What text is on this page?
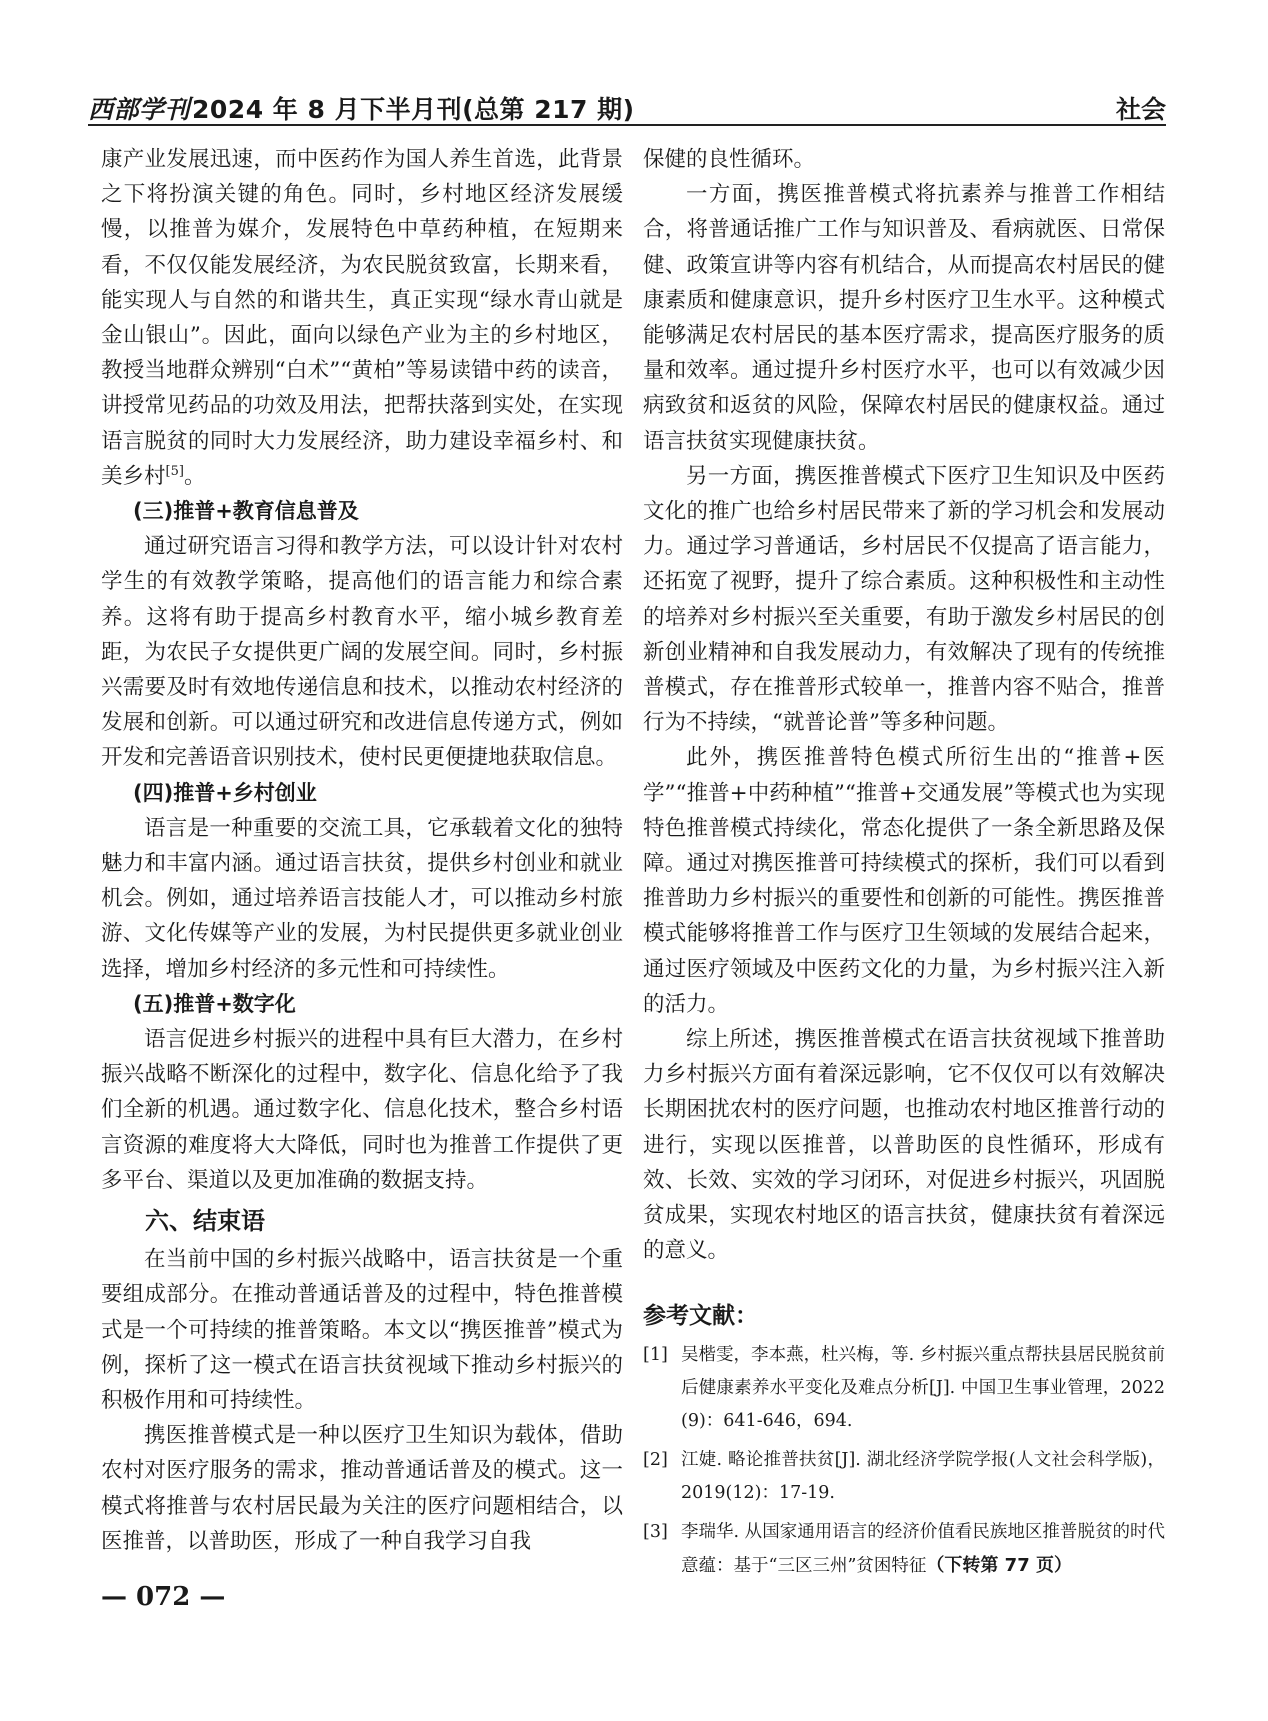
西部学刊2024 年 8 月下半月刊(总第 217 期)	社会

康产业发展迅速，而中医药作为国人养生首选，此背景之下将扮演关键的角色。同时，乡村地区经济发展缓慢，以推普为媒介，发展特色中草药种植，在短期来看，不仅仅能发展经济，为农民脱贫致富，长期来看，能实现人与自然的和谐共生，真正实现“绿水青山就是金山银山”。因此，面向以绿色产业为主的乡村地区，教授当地群众辨别“白术”“黄柏”等易读错中药的读音，讲授常见药品的功效及用法，把帮扶落到实处，在实现语言脱贫的同时大力发展经济，助力建设幸福乡村、和美乡村[5]。

(三)推普+教育信息普及

通过研究语言习得和教学方法，可以设计针对农村学生的有效教学策略，提高他们的语言能力和综合素养。这将有助于提高乡村教育水平，缩小城乡教育差距，为农民子女提供更广阔的发展空间。同时，乡村振兴需要及时有效地传递信息和技术，以推动农村经济的发展和创新。可以通过研究和改进信息传递方式，例如开发和完善语音识别技术，使村民更便捷地获取信息。

(四)推普+乡村创业

语言是一种重要的交流工具，它承载着文化的独特魅力和丰富内涵。通过语言扶贫，提供乡村创业和就业机会。例如，通过培养语言技能人才，可以推动乡村旅游、文化传媒等产业的发展，为村民提供更多就业创业选择，增加乡村经济的多元性和可持续性。

(五)推普+数字化

语言促进乡村振兴的进程中具有巨大潜力，在乡村振兴战略不断深化的过程中，数字化、信息化给予了我们全新的机遇。通过数字化、信息化技术，整合乡村语言资源的难度将大大降低，同时也为推普工作提供了更多平台、渠道以及更加准确的数据支持。

六、结束语

在当前中国的乡村振兴战略中，语言扶贫是一个重要组成部分。在推动普通话普及的过程中，特色推普模式是一个可持续的推普策略。本文以“携医推普”模式为例，探析了这一模式在语言扶贫视域下推动乡村振兴的积极作用和可持续性。

携医推普模式是一种以医疗卫生知识为载体，借助农村对医疗服务的需求，推动普通话普及的模式。这一模式将推普与农村居民最为关注的医疗问题相结合，以医推普，以普助医，形成了一种自我学习自我

保健的良性循环。

一方面，携医推普模式将抗素养与推普工作相结合，将普通话推广工作与知识普及、看病就医、日常保健、政策宣讲等内容有机结合，从而提高农村居民的健康素质和健康意识，提升乡村医疗卫生水平。这种模式能够满足农村居民的基本医疗需求，提高医疗服务的质量和效率。通过提升乡村医疗水平，也可以有效减少因病致贫和返贫的风险，保障农村居民的健康权益。通过语言扶贫实现健康扶贫。

另一方面，携医推普模式下医疗卫生知识及中医药文化的推广也给乡村居民带来了新的学习机会和发展动力。通过学习普通话，乡村居民不仅提高了语言能力，还拓宽了视野，提升了综合素质。这种积极性和主动性的培养对乡村振兴至关重要，有助于激发乡村居民的创新创业精神和自我发展动力，有效解决了现有的传统推普模式，存在推普形式较单一，推普内容不贴合，推普行为不持续，“就普论普”等多种问题。

此外，携医推普特色模式所衍生出的“推普+医学”“推普+中药种植”“推普+交通发展”等模式也为实现特色推普模式持续化，常态化提供了一条全新思路及保障。通过对携医推普可持续模式的探析，我们可以看到推普助力乡村振兴的重要性和创新的可能性。携医推普模式能够将推普工作与医疗卫生领域的发展结合起来，通过医疗领域及中医药文化的力量，为乡村振兴注入新的活力。

综上所述，携医推普模式在语言扶贫视域下推普助力乡村振兴方面有着深远影响，它不仅仅可以有效解决长期困扰农村的医疗问题，也推动农村地区推普行动的进行，实现以医推普，以普助医的良性循环，形成有效、长效、实效的学习闭环，对促进乡村振兴，巩固脱贫成果，实现农村地区的语言扶贫，健康扶贫有着深远的意义。

参考文献：

[1] 吴楷雯，李本燕，杜兴梅，等. 乡村振兴重点帮扶县居民脱贫前后健康素养水平变化及难点分析[J]. 中国卫生事业管理，2022(9)：641-646，694.

[2] 江婕. 略论推普扶贫[J]. 湖北经济学院学报(人文社会科学版)，2019(12)：17-19.

[3] 李瑞华. 从国家通用语言的经济价值看民族地区推普脱贫的时代意蕴：基于“三区三州”贫困特征（下转第 77 页）

— 072 —
